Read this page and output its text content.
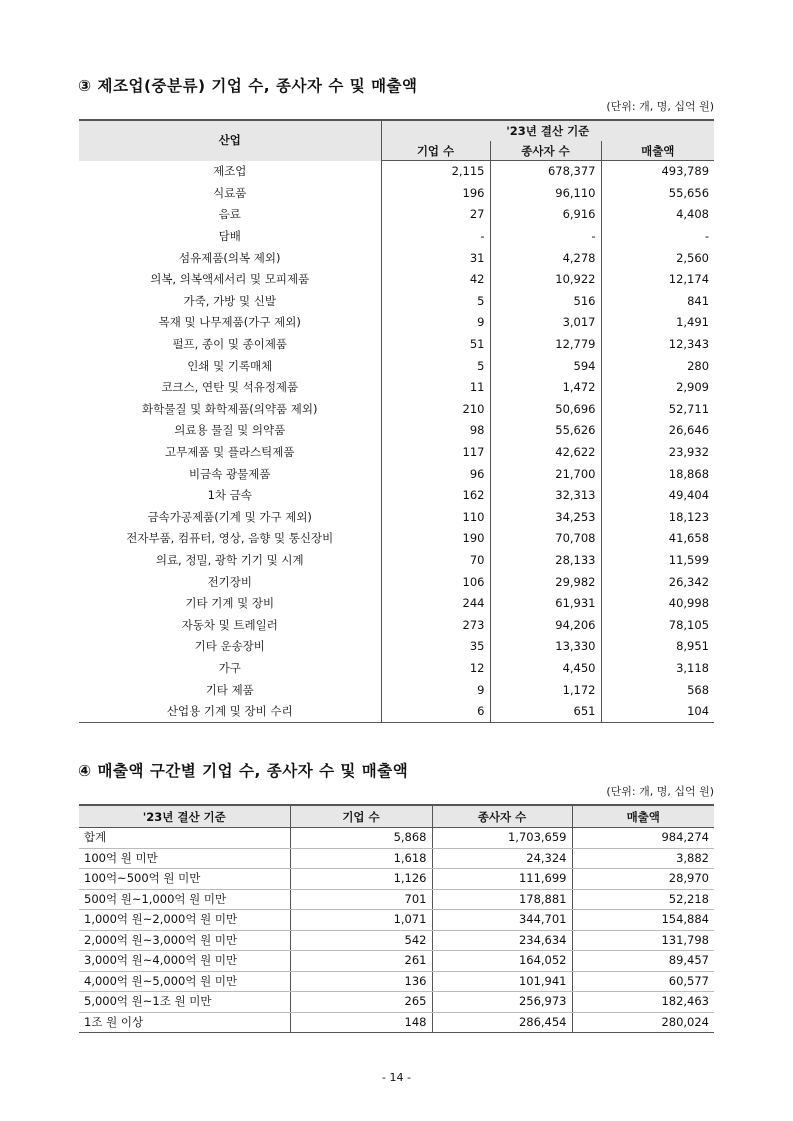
③ 제조업(중분류) 기업 수, 종사자 수 및 매출액
(단위: 개, 명, 십억 원)
산업	'23년 결산 기준		
	기업 수	종사자 수	매출액
제조업	2,115	678,377	493,789
식료품	196	96,110	55,656
음료	27	6,916	4,408
담배	-	-	-
섬유제품(의복 제외)	31	4,278	2,560
의복, 의복액세서리 및 모피제품	42	10,922	12,174
가죽, 가방 및 신발	5	516	841
목재 및 나무제품(가구 제외)	9	3,017	1,491
펄프, 종이 및 종이제품	51	12,779	12,343
인쇄 및 기록매체	5	594	280
코크스, 연탄 및 석유정제품	11	1,472	2,909
화학물질 및 화학제품(의약품 제외)	210	50,696	52,711
의료용 물질 및 의약품	98	55,626	26,646
고무제품 및 플라스틱제품	117	42,622	23,932
비금속 광물제품	96	21,700	18,868
1차 금속	162	32,313	49,404
금속가공제품(기계 및 가구 제외)	110	34,253	18,123
전자부품, 컴퓨터, 영상, 음향 및 통신장비	190	70,708	41,658
의료, 정밀, 광학 기기 및 시계	70	28,133	11,599
전기장비	106	29,982	26,342
기타 기계 및 장비	244	61,931	40,998
자동차 및 트레일러	273	94,206	78,105
기타 운송장비	35	13,330	8,951
가구	12	4,450	3,118
기타 제품	9	1,172	568
산업용 기계 및 장비 수리	6	651	104
④ 매출액 구간별 기업 수, 종사자 수 및 매출액
(단위: 개, 명, 십억 원)
'23년 결산 기준	기업 수	종사자 수	매출액
합계	5,868	1,703,659	984,274
100억 원 미만	1,618	24,324	3,882
100억~500억 원 미만	1,126	111,699	28,970
500억 원~1,000억 원 미만	701	178,881	52,218
1,000억 원~2,000억 원 미만	1,071	344,701	154,884
2,000억 원~3,000억 원 미만	542	234,634	131,798
3,000억 원~4,000억 원 미만	261	164,052	89,457
4,000억 원~5,000억 원 미만	136	101,941	60,577
5,000억 원~1조 원 미만	265	256,973	182,463
1조 원 이상	148	286,454	280,024
- 14 -
